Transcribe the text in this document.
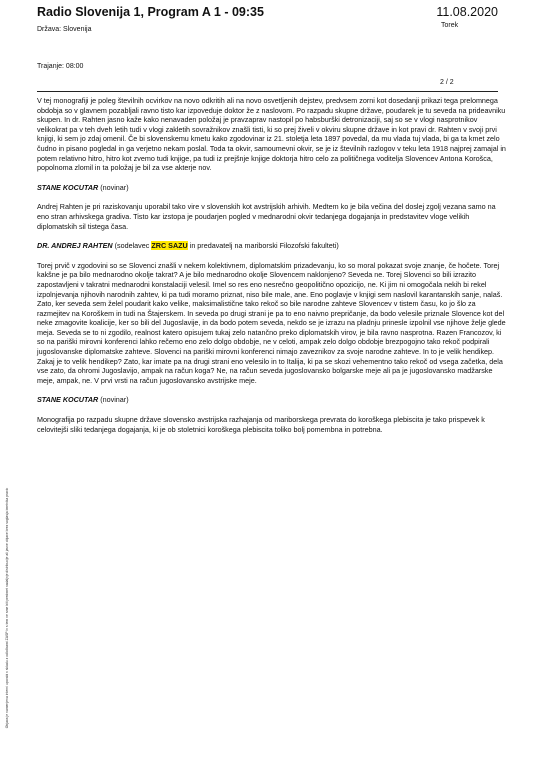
Radio Slovenija 1, Program A 1 - 09:35	11.08.2020
Torek
Država: Slovenija
Trajanje: 08:00
2 / 2

V tej monografiji je poleg številnih ocvirkov na novo odkritih ali na novo osvetljenih dejstev, predvsem zorni kot dosedanji prikazi tega prelomnega obdobja so v glavnem pozabljali ravno tisto kar izpoveduje doktor že z naslovom. Po razpadu skupne države, poudarek je tu seveda na prideavniku skupen. In dr. Rahten jasno kaže kako nenavaden položaj je pravzaprav nastopil po habsburški detronizaciji, saj so se v vlogi nasprotnikov velikokrat pa v teh dveh letih tudi v vlogi zakletih sovražnikov znašli tisti, ki so prej živeli v okviru skupne države in kot pravi dr. Rahten v svoji prvi knjigi, ki sem jo zdaj omenil. Če bi slovenskemu kmetu kako zgodovinar iz 21. stoletja leta 1897 povedal, da mu vlada tuj vlada, bi ga ta kmet zelo čudno in pisano pogledal in ga verjetno nekam poslal. Toda ta okvir, samoumevni okvir, se je iz številnih razlogov v teku leta 1918 najprej zamajal in potem relativno hitro, hitro kot zvemo tudi knjige, pa tudi iz prejšnje knjige doktorja hitro celo za političnega voditelja Slovencev Antona Korošca, popolnoma zlomil in ta položaj je bil za vse akterje nov.

STANE KOCUTAR (novinar)

Andrej Rahten je pri raziskovanju uporabil tako vire v slovenskih kot avstrijskih arhivih. Medtem ko je bila večina del doslej zgolj vezana samo na eno stran arhivskega gradiva. Tisto kar izstopa je poudarjen pogled v mednarodni okvir tedanjega dogajanja in predstavitev vloge velikih diplomatskih sil tistega časa.

DR. ANDREJ RAHTEN (sodelavec ZRC SAZU in predavatelj na mariborski Filozofski fakulteti)

Torej prvič v zgodovini so se Slovenci znašli v nekem kolektivnem, diplomatskim prizadevanju, ko so moral pokazat svoje znanje, če hočete. Torej kakšne je pa bilo mednarodno okolje takrat? A je bilo mednarodno okolje Slovencem naklonjeno? Seveda ne. Torej Slovenci so bili izrazito zapostavljeni v takratni mednarodni konstalaciji velesil. Imel so res eno nesrečno geopolitično opozicijo, ne. Ki jim ni omogočala nekih bi rekel izpolnjevanja njihovih narodnih zahtev, ki pa tudi moramo priznat, niso bile male, ane. Eno poglavje v knjigi sem naslovil karantanskih sanje, nalaš. Zato, ker seveda sem želel poudarit kako velike, maksimalistične tako rekoč so bile narodne zahteve Slovencev v tistem času, ko jo šlo za razmejitev na Koroškem in tudi na Štajerskem. In seveda po drugi strani je pa to eno naivno prepričanje, da bodo velesile priznale Slovence kot del neke zmagovite koalicije, ker so bili del Jugoslavije, in da bodo potem seveda, nekdo se je izrazu na pladnju prinesle izpolnil vse njihove želje glede meja. Seveda se to ni zgodilo, realnost katero opisujem tukaj zelo natančno preko diplomatskih virov, je bila ravno nasprotna. Razen Francozov, ki so na pariški mirovni konferenci lahko rečemo eno zelo dolgo obdobje, ne v celoti, ampak zelo dolgo obdobje brezpogojno tako rekoč podpirali jugoslovanske diplomatske zahteve. Slovenci na pariški mirovni konferenci nimajo zaveznikov za svoje narodne zahteve. In to je velik hendikep. Zakaj je to velik hendikep? Zato, kar imate pa na drugi strani eno velesilo in to Italija, ki pa se skozi vehementno tako rekoč od vsega začetka, dela vse zato, da ohromi Jugoslavijo, ampak na račun koga? Ne, na račun seveda jugoslovansko bolgarske meje ali pa je jugoslovansko madžarske meje, ampak, ne. V prvi vrsti na račun jugoslovansko avstrijske meje.

STANE KOCUTAR (novinar)

Monografija po razpadu skupne države slovensko avstrijska razhajanja od mariborskega prevrata do koroškega plebiscita je tako prispevek k celovitejši sliki tedanjega dogajanja, ki je ob stoletnici koroškega plebiscita toliko bolj pomembna in potrebna.

Objava je namenjena interni uporabi v skladu z odločbami ZASP in s tem ne sme biti predmet nadaljnje distribucije ali javne objave brez soglasja imetnika pravic
